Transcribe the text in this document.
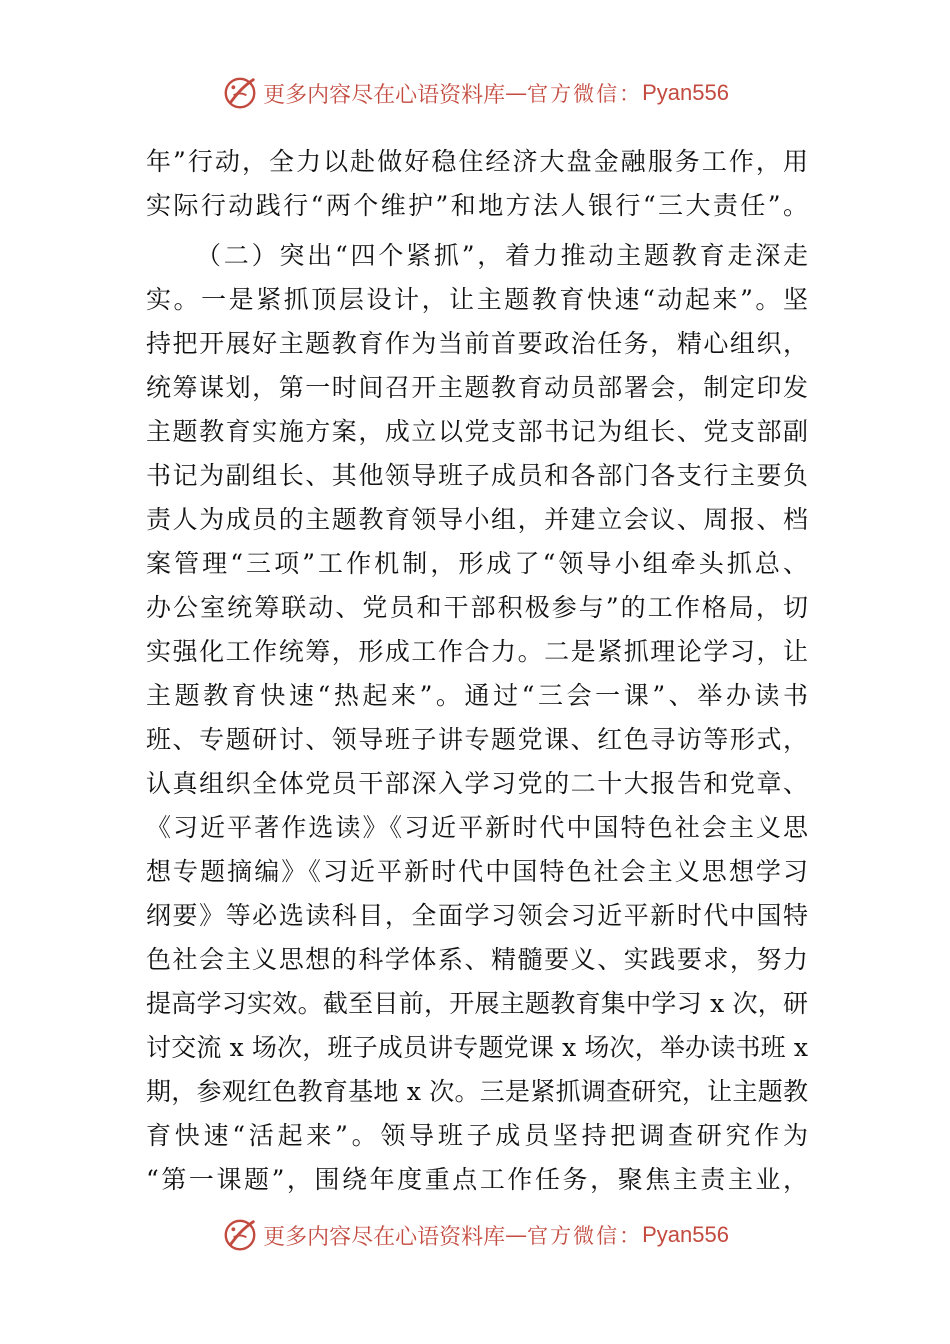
更多内容尽在心语资料库 — 官方微信： Pyan556
年”行动，全力以赴做好稳住经济大盘金融服务工作，用
实际行动践行“两个维护”和地方法人银行“三大责任”。
（二）突出“四个紧抓”，着力推动主题教育走深走
实。一是紧抓顶层设计，让主题教育快速“动起来”。坚
持把开展好主题教育作为当前首要政治任务，精心组织，
统筹谋划，第一时间召开主题教育动员部署会，制定印发
主题教育实施方案，成立以党支部书记为组长、党支部副
书记为副组长、其他领导班子成员和各部门各支行主要负
责人为成员的主题教育领导小组，并建立会议、周报、档
案管理“三项”工作机制，形成了“领导小组牵头抓总、
办公室统筹联动、党员和干部积极参与”的工作格局，切
实强化工作统筹，形成工作合力。二是紧抓理论学习，让
主题教育快速“热起来”。通过“三会一课”、举办读书
班、专题研讨、领导班子讲专题党课、红色寻访等形式，
认真组织全体党员干部深入学习党的二十大报告和党章、
《习近平著作选读》《习近平新时代中国特色社会主义思
想专题摘编》《习近平新时代中国特色社会主义思想学习
纲要》等必选读科目，全面学习领会习近平新时代中国特
色社会主义思想的科学体系、精髓要义、实践要求，努力
提高学习实效。截至目前，开展主题教育集中学习 x 次，研
讨交流 x 场次，班子成员讲专题党课 x 场次，举办读书班 x
期，参观红色教育基地 x 次。三是紧抓调查研究，让主题教
育快速“活起来”。领导班子成员坚持把调查研究作为
“第一课题”，围绕年度重点工作任务，聚焦主责主业，
更多内容尽在心语资料库 — 官方微信： Pyan556
